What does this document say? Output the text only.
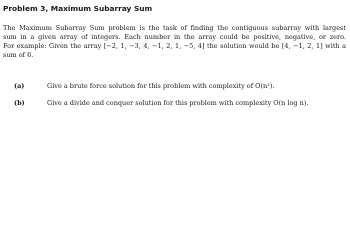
Problem 3, Maximum Subarray Sum
The Maximum Subarray Sum problem is the task of finding the contiguous subarray with largest
sum in a given array of integers. Each number in the array could be positive, negative, or zero.
For example: Given the array [−2, 1, −3, 4, −1, 2, 1, −5, 4] the solution would be [4, −1, 2, 1] with a
sum of 6.
(a)	Give a brute force solution for this problem with complexity of O(n²).
(b)	Give a divide and conquer solution for this problem with complexity O(n log n).
